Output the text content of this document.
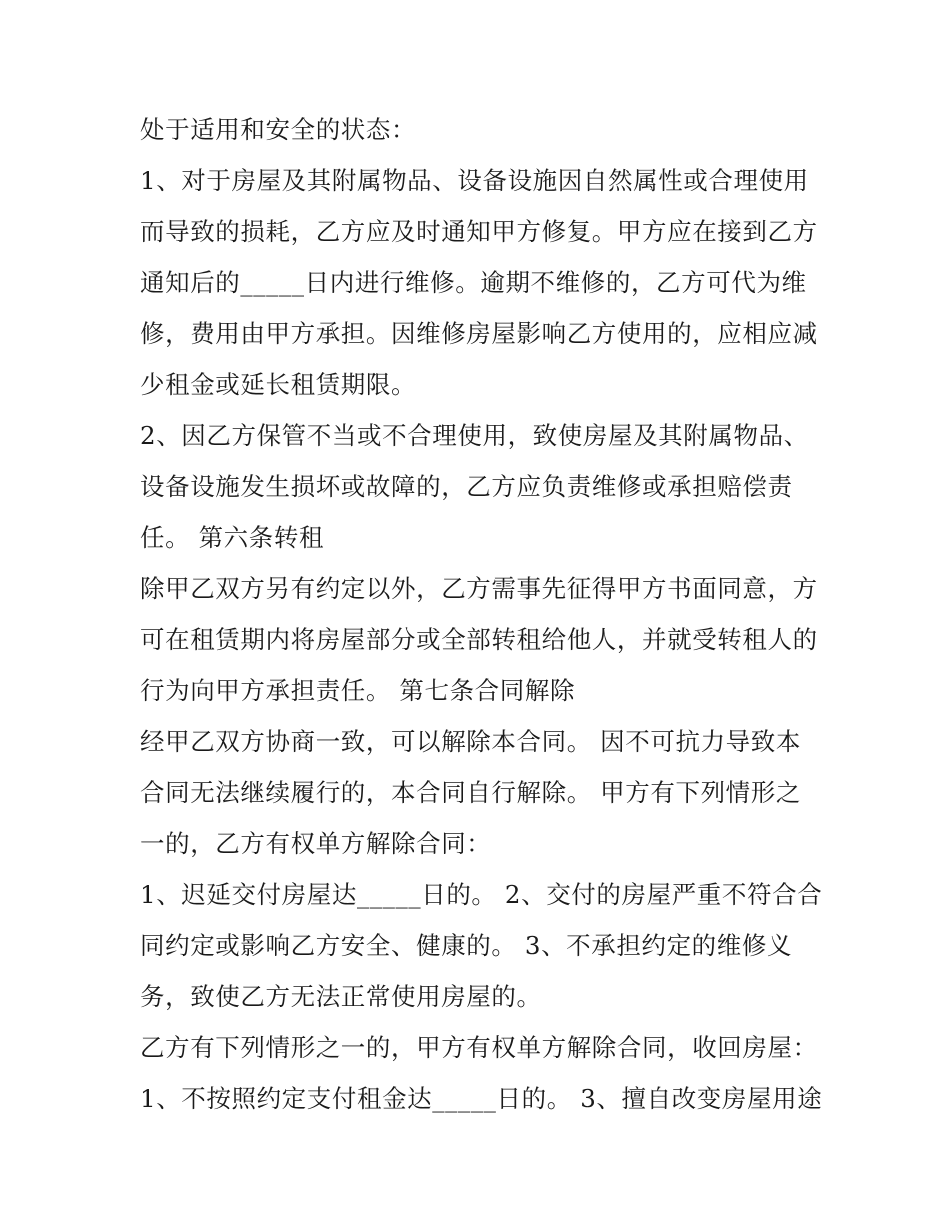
处于适用和安全的状态：
1、对于房屋及其附属物品、设备设施因自然属性或合理使用
而导致的损耗，乙方应及时通知甲方修复。甲方应在接到乙方
通知后的_____日内进行维修。逾期不维修的，乙方可代为维
修，费用由甲方承担。因维修房屋影响乙方使用的，应相应减
少租金或延长租赁期限。
2、因乙方保管不当或不合理使用，致使房屋及其附属物品、
设备设施发生损坏或故障的，乙方应负责维修或承担赔偿责
任。 第六条转租
除甲乙双方另有约定以外，乙方需事先征得甲方书面同意，方
可在租赁期内将房屋部分或全部转租给他人，并就受转租人的
行为向甲方承担责任。 第七条合同解除
经甲乙双方协商一致，可以解除本合同。 因不可抗力导致本
合同无法继续履行的，本合同自行解除。 甲方有下列情形之
一的，乙方有权单方解除合同：
1、迟延交付房屋达_____日的。 2、交付的房屋严重不符合合
同约定或影响乙方安全、健康的。 3、不承担约定的维修义
务，致使乙方无法正常使用房屋的。
乙方有下列情形之一的，甲方有权单方解除合同，收回房屋：
1、不按照约定支付租金达_____日的。 3、擅自改变房屋用途
